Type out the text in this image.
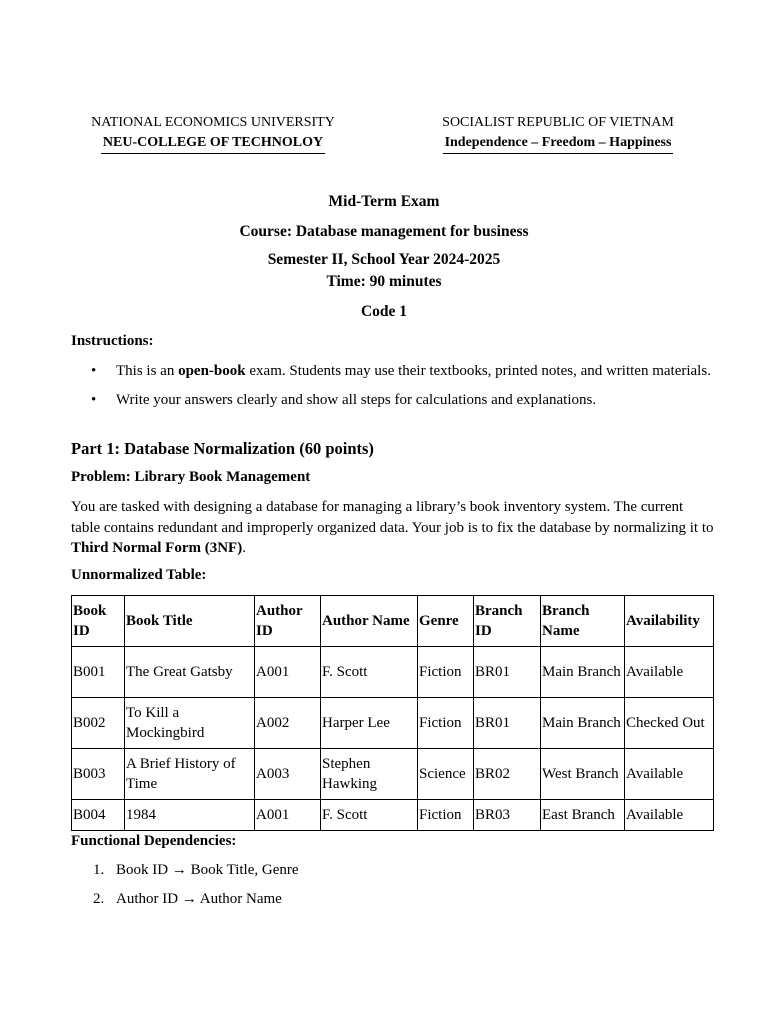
NATIONAL ECONOMICS UNIVERSITY
NEU-COLLEGE OF TECHNOLOY
SOCIALIST REPUBLIC OF VIETNAM
Independence – Freedom – Happiness
Mid-Term Exam
Course: Database management for business
Semester II, School Year 2024-2025
Time: 90 minutes
Code 1
Instructions:
• This is an open-book exam. Students may use their textbooks, printed notes, and written materials.
• Write your answers clearly and show all steps for calculations and explanations.
Part 1: Database Normalization (60 points)
Problem: Library Book Management
You are tasked with designing a database for managing a library’s book inventory system. The current table contains redundant and improperly organized data. Your job is to fix the database by normalizing it to Third Normal Form (3NF).
Unnormalized Table:
Book ID	Book Title	Author ID	Author Name	Genre	Branch ID	Branch Name	Availability
B001	The Great Gatsby	A001	F. Scott	Fiction	BR01	Main Branch	Available
B002	To Kill a Mockingbird	A002	Harper Lee	Fiction	BR01	Main Branch	Checked Out
B003	A Brief History of Time	A003	Stephen Hawking	Science	BR02	West Branch	Available
B004	1984	A001	F. Scott	Fiction	BR03	East Branch	Available
Functional Dependencies:
1. Book ID → Book Title, Genre
2. Author ID → Author Name
